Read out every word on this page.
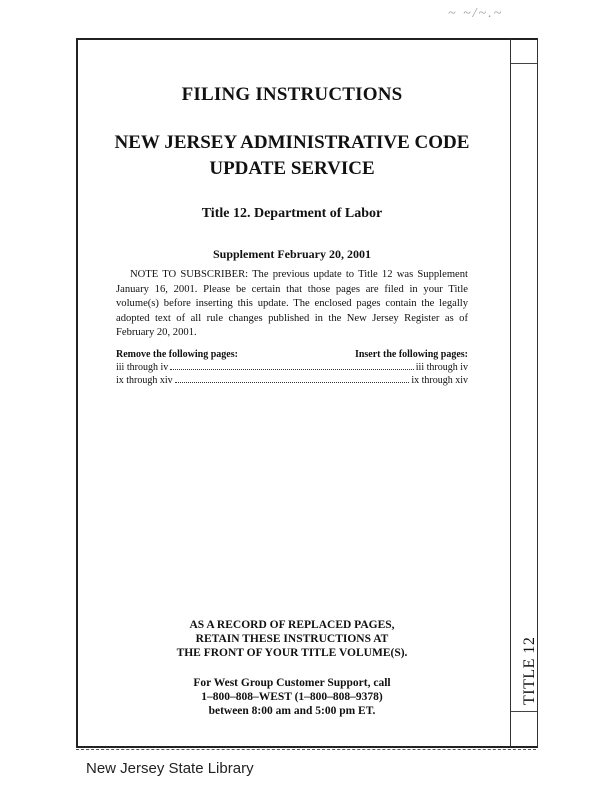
~ ~/~.~
TITLE 12
FILING INSTRUCTIONS
NEW JERSEY ADMINISTRATIVE CODE
UPDATE SERVICE
Title 12. Department of Labor
Supplement February 20, 2001

NOTE TO SUBSCRIBER: The previous update to Title 12 was Supplement January 16, 2001. Please be certain that those pages are filed in your Title volume(s) before inserting this update. The enclosed pages contain the legally adopted text of all rule changes published in the New Jersey Register as of February 20, 2001.

Remove the following pages:	Insert the following pages:
iii through iv	iii through iv
ix through xiv	ix through xiv
AS A RECORD OF REPLACED PAGES,
RETAIN THESE INSTRUCTIONS AT
THE FRONT OF YOUR TITLE VOLUME(S).
For West Group Customer Support, call
1–800–808–WEST (1–800–808–9378)
between 8:00 am and 5:00 pm ET.
New Jersey State Library
